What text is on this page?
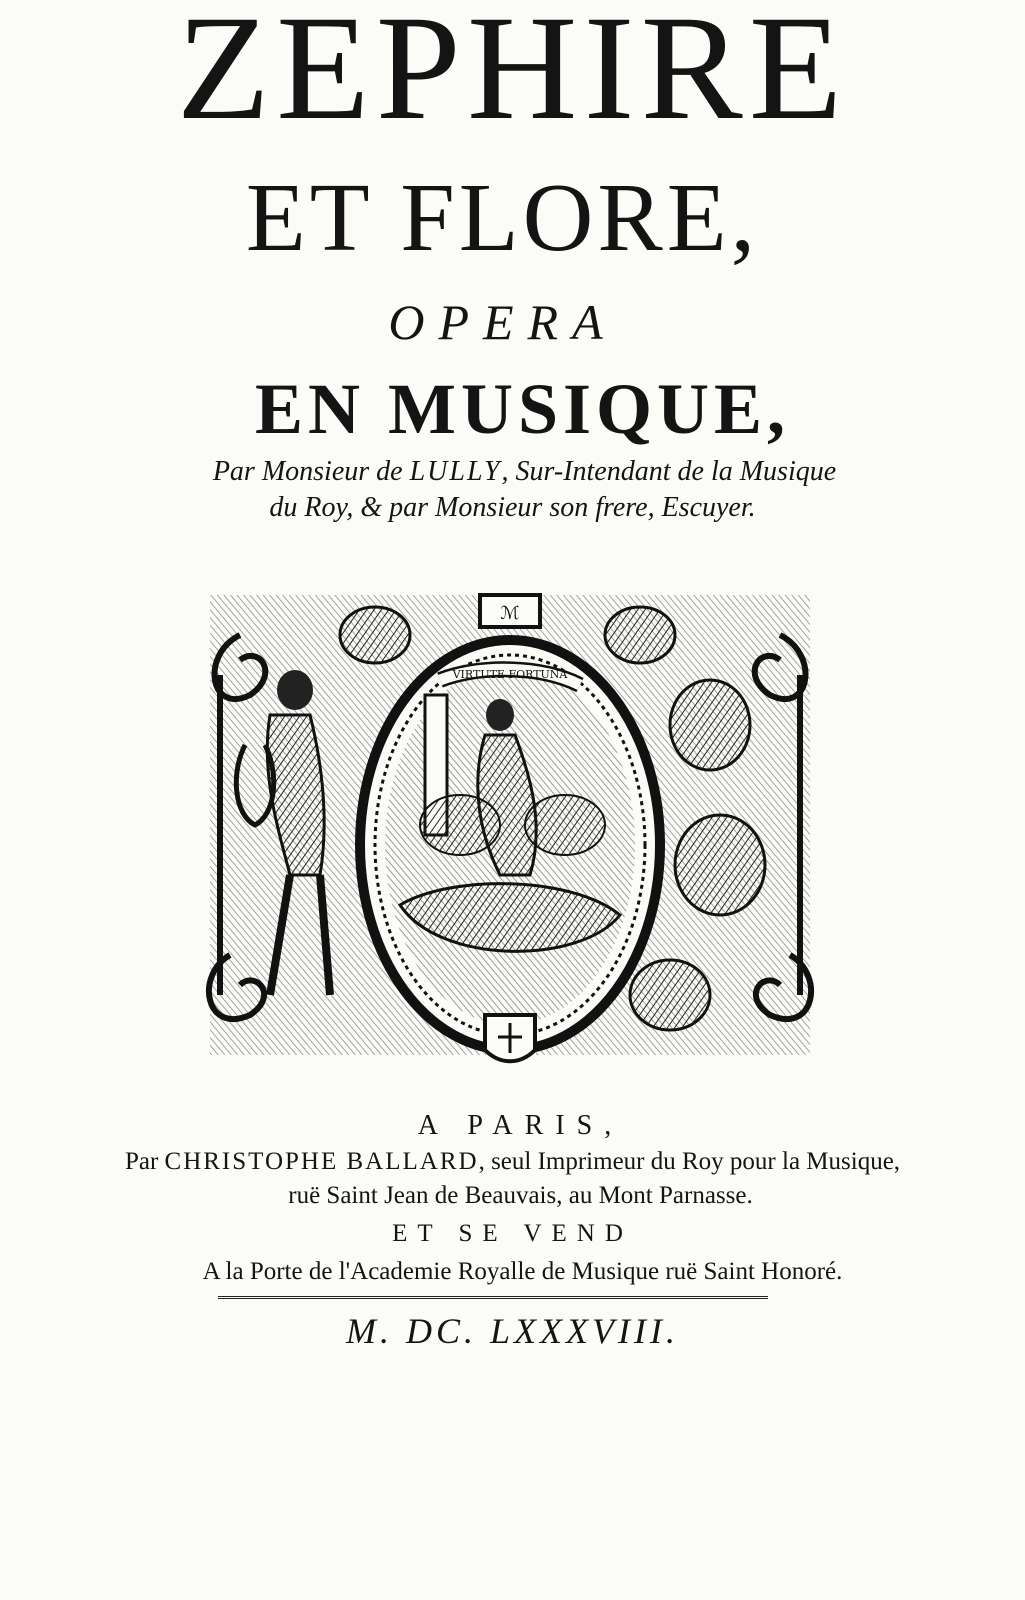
ZEPHIRE
ET FLORE,
OPERA
EN MUSIQUE,
Par Monsieur de LULLY, Sur-Intendant de la Musique
du Roy, & par Monsieur son frere, Escuyer.
ℳ
VIRTUTE FORTUNA
A PARIS,
Par CHRISTOPHE BALLARD, seul Imprimeur du Roy pour la Musique,
ruë Saint Jean de Beauvais, au Mont Parnasse.
ET SE VEND
A la Porte de l'Academie Royalle de Musique ruë Saint Honoré.
M. DC. LXXXVIII.
